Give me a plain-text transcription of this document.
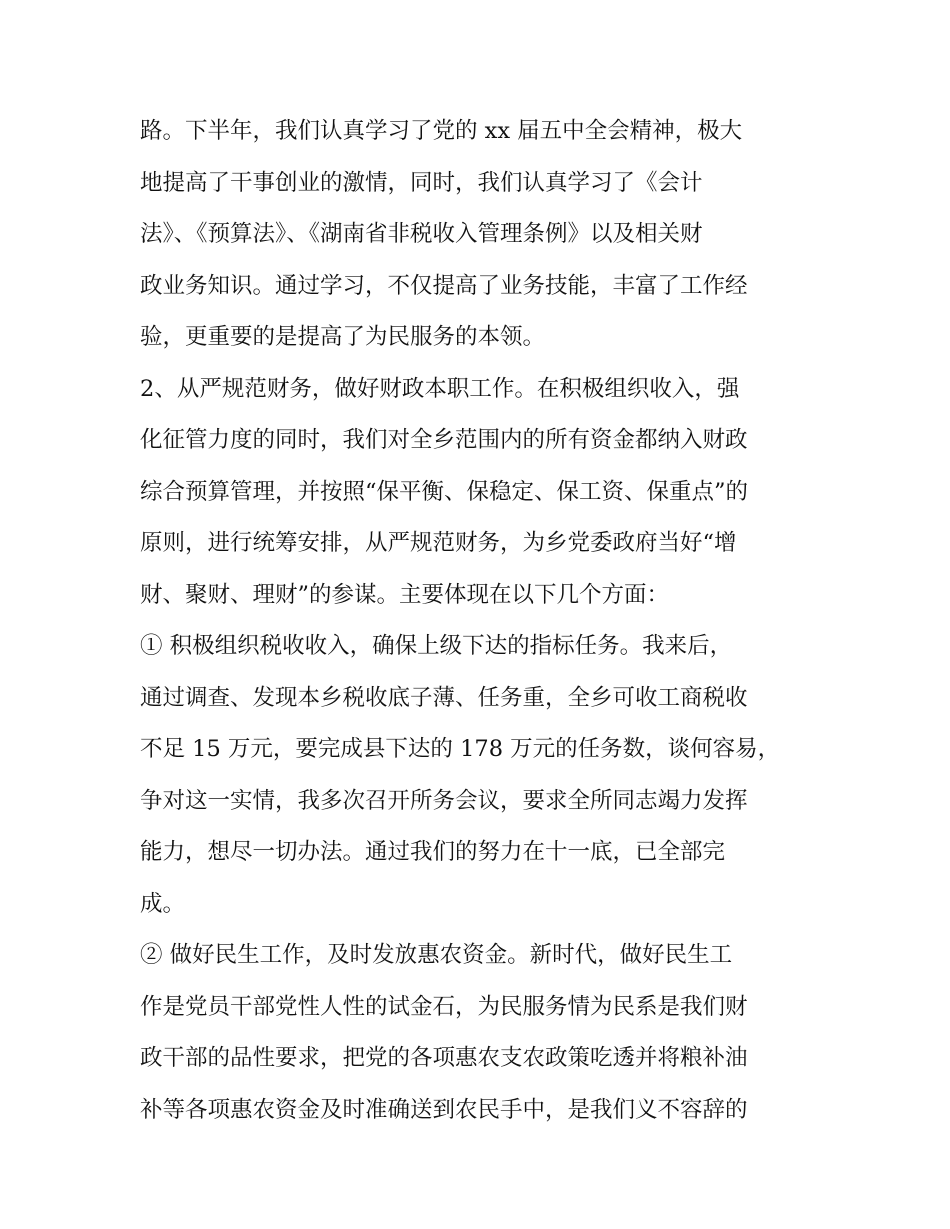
路。下半年，我们认真学习了党的 xx 届五中全会精神，极大
地提高了干事创业的激情，同时，我们认真学习了《会计
法》、《预算法》、《湖南省非税收入管理条例》以及相关财
政业务知识。通过学习，不仅提高了业务技能，丰富了工作经
验，更重要的是提高了为民服务的本领。
2、从严规范财务，做好财政本职工作。在积极组织收入，强
化征管力度的同时，我们对全乡范围内的所有资金都纳入财政
综合预算管理，并按照“保平衡、保稳定、保工资、保重点”的
原则，进行统筹安排，从严规范财务，为乡党委政府当好“增
财、聚财、理财”的参谋。主要体现在以下几个方面：
① 积极组织税收收入，确保上级下达的指标任务。我来后，
通过调查、发现本乡税收底子薄、任务重，全乡可收工商税收
不足 15 万元，要完成县下达的 178 万元的任务数，谈何容易，
争对这一实情，我多次召开所务会议，要求全所同志竭力发挥
能力，想尽一切办法。通过我们的努力在十一底，已全部完
成。
② 做好民生工作，及时发放惠农资金。新时代，做好民生工
作是党员干部党性人性的试金石，为民服务情为民系是我们财
政干部的品性要求，把党的各项惠农支农政策吃透并将粮补油
补等各项惠农资金及时准确送到农民手中，是我们义不容辞的
